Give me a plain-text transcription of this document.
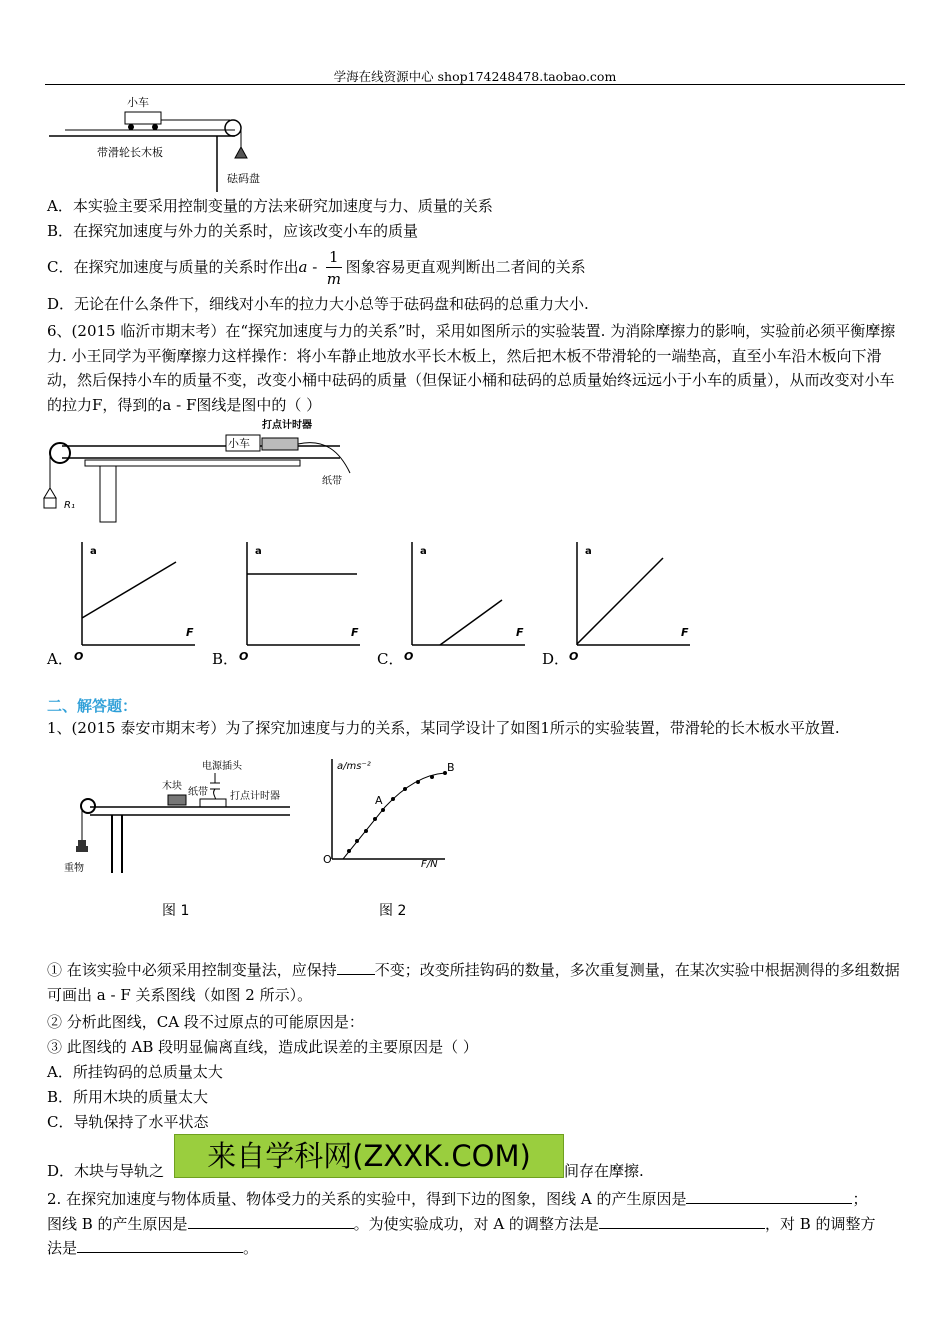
学海在线资源中心 shop174248478.taobao.com
小车
带滑轮长木板
砝码盘
A．本实验主要采用控制变量的方法来研究加速度与力、质量的关系
B．在探究加速度与外力的关系时，应该改变小车的质量
C．在探究加速度与质量的关系时作出a - $\frac{1}{m}$ 图象容易更直观判断出二者间的关系
D．无论在什么条件下，细线对小车的拉力大小总等于砝码盘和砝码的总重力大小.
6、(2015 临沂市期末考）在“探究加速度与力的关系”时，采用如图所示的实验装置. 为消除摩擦力的影响，实验前必须平衡摩擦力. 小王同学为平衡摩擦力这样操作：将小车静止地放水平长木板上，然后把木板不带滑轮的一端垫高，直至小车沿木板向下滑动，然后保持小车的质量不变，改变小桶中砝码的质量（但保证小桶和砝码的总质量始终远远小于小车的质量），从而改变对小车的拉力F，得到的a - F图线是图中的（ ）
R₁
小车
打点计时器
纸带
A．
a
F
O	B．
a
F
O	C．
a
F
O	D．
a
F
O
二、解答题：
1、(2015 泰安市期末考）为了探究加速度与力的关系，某同学设计了如图1所示的实验装置，带滑轮的长木板水平放置.
电源插头
木块
纸带 打点计时器
重物
图 1
a/ms⁻²
F/N
O
A
B
图 2
① 在该实验中必须采用控制变量法，应保持	不变；改变所挂钩码的数量，多次重复测量，在某次实验中根据测得的多组数据可画出 a - F 关系图线（如图 2 所示）。
② 分析此图线，CA 段不过原点的可能原因是：
③ 此图线的 AB 段明显偏离直线，造成此误差的主要原因是（ ）
A．所挂钩码的总质量太大
B．所用木块的质量太大
C．导轨保持了水平状态
D．木块与导轨之	间存在摩擦.
来自学科网(ZXXK.COM)
2. 在探究加速度与物体质量、物体受力的关系的实验中，得到下边的图象，图线 A 的产生原因是	；
图线 B 的产生原因是	。为使实验成功，对 A 的调整方法是	，对 B 的调整方
法是	。
